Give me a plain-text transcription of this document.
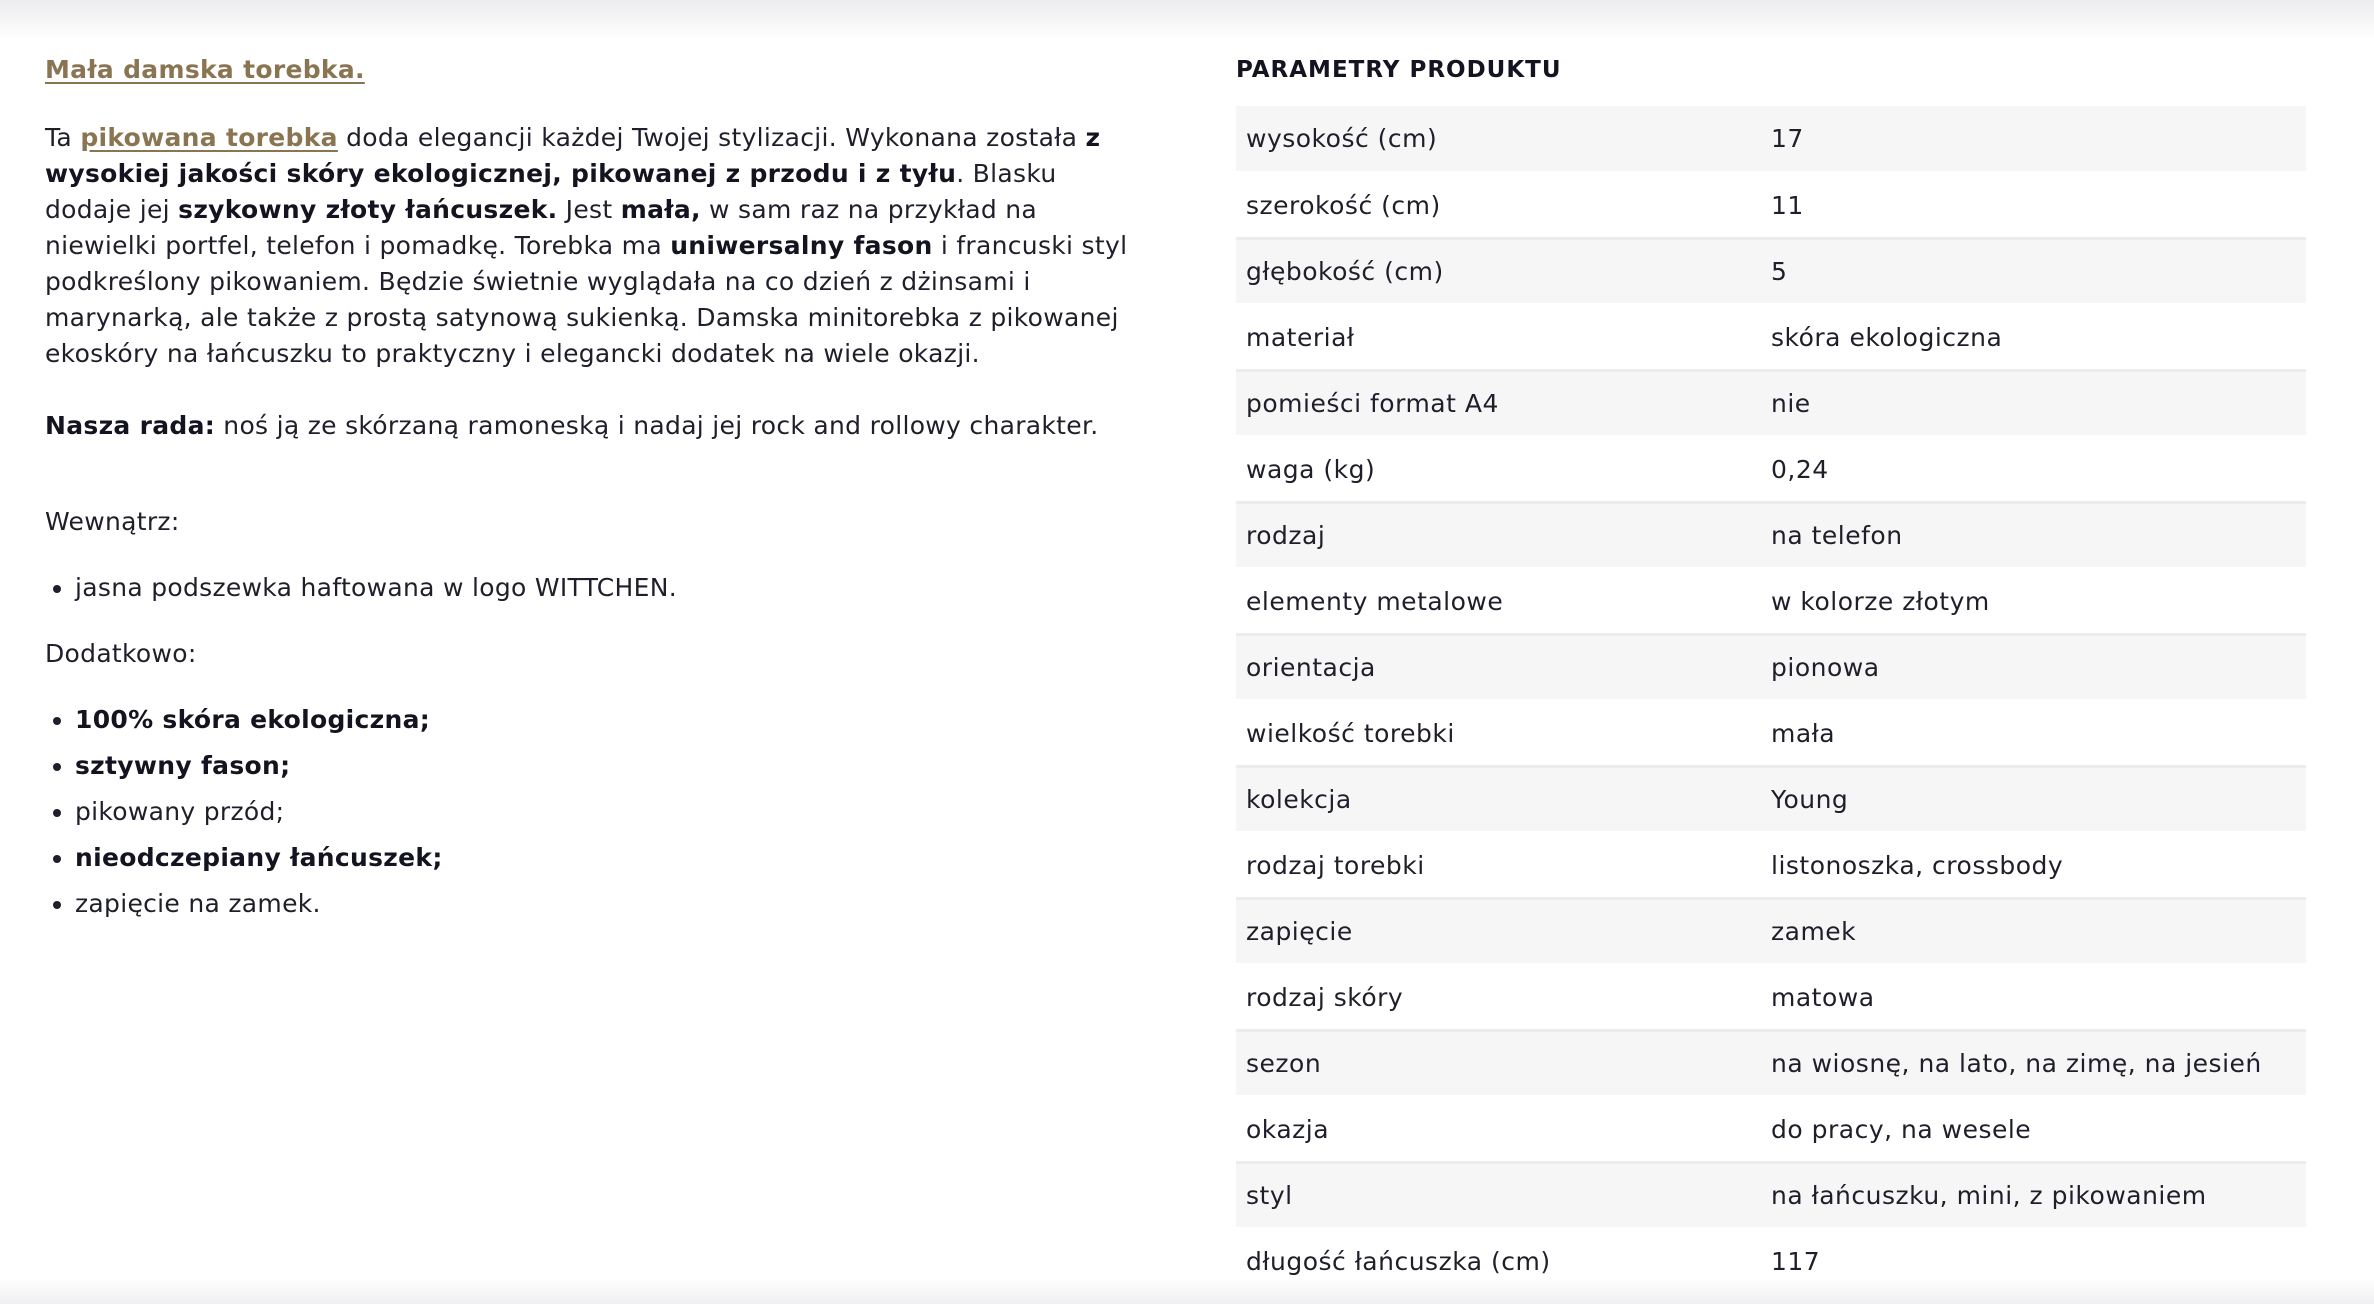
Mała damska torebka.

Ta pikowana torebka doda elegancji każdej Twojej stylizacji. Wykonana została z wysokiej jakości skóry ekologicznej, pikowanej z przodu i z tyłu. Blasku dodaje jej szykowny złoty łańcuszek. Jest mała, w sam raz na przykład na niewielki portfel, telefon i pomadkę. Torebka ma uniwersalny fason i francuski styl podkreślony pikowaniem. Będzie świetnie wyglądała na co dzień z dżinsami i marynarką, ale także z prostą satynową sukienką. Damska minitorebka z pikowanej ekoskóry na łańcuszku to praktyczny i elegancki dodatek na wiele okazji.

Nasza rada: noś ją ze skórzaną ramoneską i nadaj jej rock and rollowy charakter.

Wewnątrz:

• jasna podszewka haftowana w logo WITTCHEN.

Dodatkowo:

• 100% skóra ekologiczna;
• sztywny fason;
• pikowany przód;
• nieodczepiany łańcuszek;
• zapięcie na zamek.
PARAMETRY PRODUKTU
wysokość (cm)	17
szerokość (cm)	11
głębokość (cm)	5
materiał	skóra ekologiczna
pomieści format A4	nie
waga (kg)	0,24
rodzaj	na telefon
elementy metalowe	w kolorze złotym
orientacja	pionowa
wielkość torebki	mała
kolekcja	Young
rodzaj torebki	listonoszka, crossbody
zapięcie	zamek
rodzaj skóry	matowa
sezon	na wiosnę, na lato, na zimę, na jesień
okazja	do pracy, na wesele
styl	na łańcuszku, mini, z pikowaniem
długość łańcuszka (cm)	117
